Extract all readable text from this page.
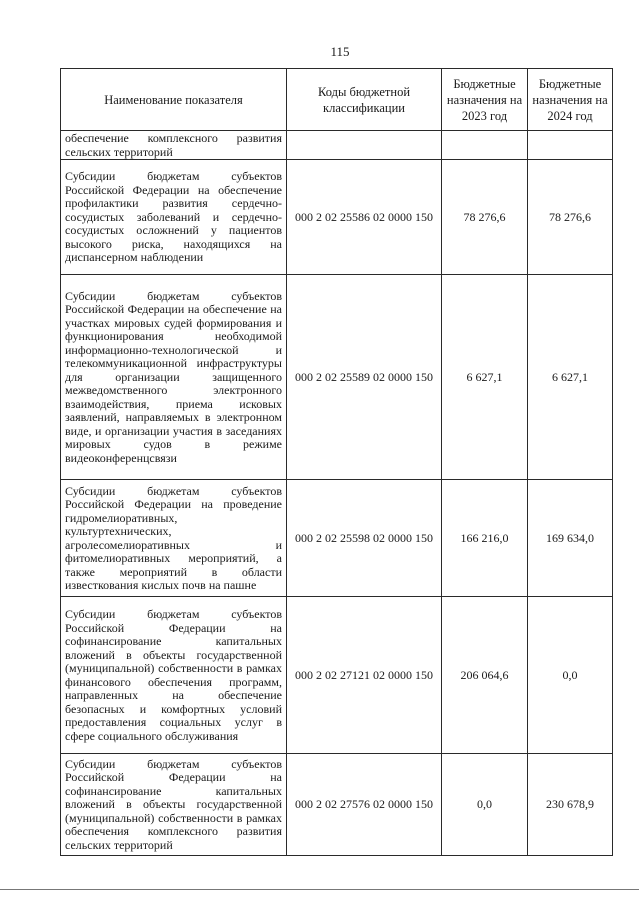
115
Наименование показателя	Коды бюджетной классификации	Бюджетные назначения на 2023 год	Бюджетные назначения на 2024 год
обеспечение комплексного развития сельских территорий			
Субсидии бюджетам субъектов Российской Федерации на обеспечение профилактики развития сердечно-сосудистых заболеваний и сердечно-сосудистых осложнений у пациентов высокого риска, находящихся на диспансерном наблюдении	000 2 02 25586 02 0000 150	78 276,6	78 276,6
Субсидии бюджетам субъектов Российской Федерации на обеспечение на участках мировых судей формирования и функционирования необходимой информационно-технологической и телекоммуникационной инфраструктуры для организации защищенного межведомственного электронного взаимодействия, приема исковых заявлений, направляемых в электронном виде, и организации участия в заседаниях мировых судов в режиме видеоконференцсвязи	000 2 02 25589 02 0000 150	6 627,1	6 627,1
Субсидии бюджетам субъектов Российской Федерации на проведение гидромелиоративных, культуртехнических, агролесомелиоративных и фитомелиоративных мероприятий, а также мероприятий в области известкования кислых почв на пашне	000 2 02 25598 02 0000 150	166 216,0	169 634,0
Субсидии бюджетам субъектов Российской Федерации на софинансирование капитальных вложений в объекты государственной (муниципальной) собственности в рамках финансового обеспечения программ, направленных на обеспечение безопасных и комфортных условий предоставления социальных услуг в сфере социального обслуживания	000 2 02 27121 02 0000 150	206 064,6	0,0
Субсидии бюджетам субъектов Российской Федерации на софинансирование капитальных вложений в объекты государственной (муниципальной) собственности в рамках обеспечения комплексного развития сельских территорий	000 2 02 27576 02 0000 150	0,0	230 678,9
